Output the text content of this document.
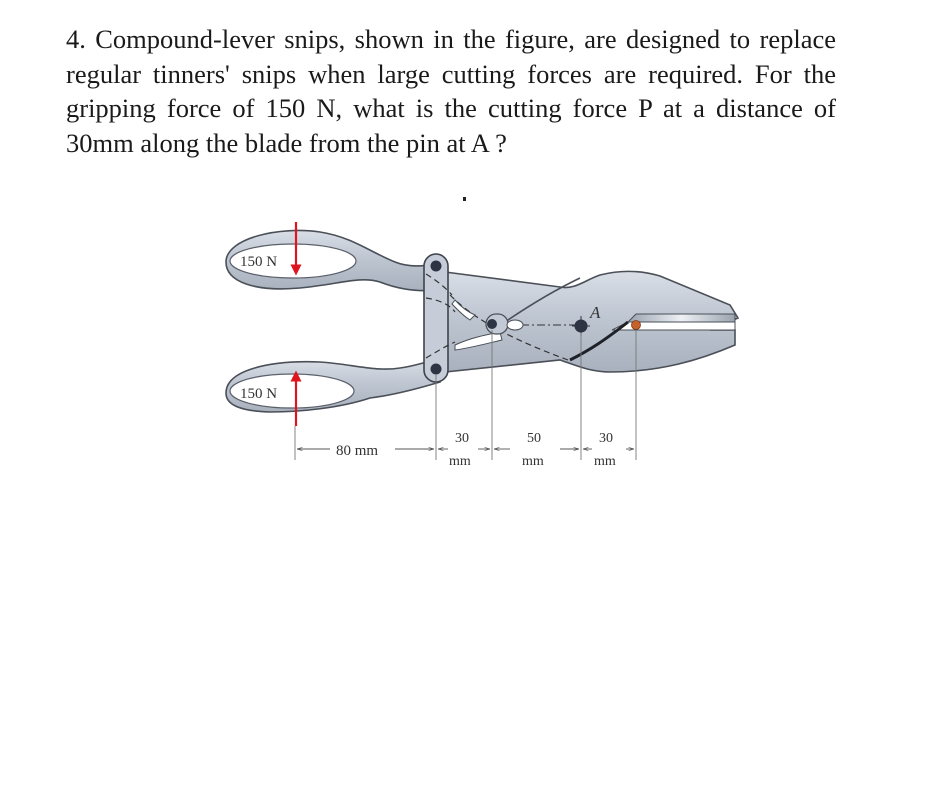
4. Compound-lever snips, shown in the figure, are designed to replace regular tinners' snips when large cutting forces are required. For the gripping force of 150 N, what is the cutting force P at a distance of 30mm along the blade from the pin at A ?
A
150 N
150 N
80 mm
30
mm
50
mm
30
mm
